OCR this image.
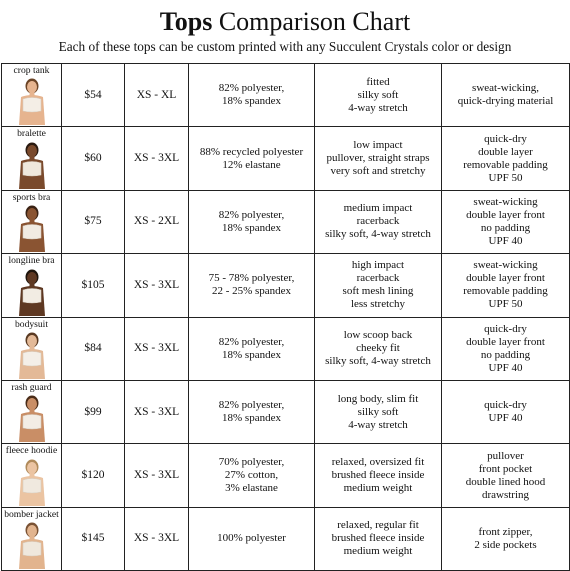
Tops Comparison Chart
Each of these tops can be custom printed with any Succulent Crystals color or design
crop tank	$54	XS - XL	82% polyester,
18% spandex	fitted
silky soft
4-way stretch	sweat-wicking,
quick-drying material

bralette	$60	XS - 3XL	88% recycled polyester
12% elastane	low impact
pullover, straight straps
very soft and stretchy	quick-dry
double layer
removable padding
UPF 50

sports bra	$75	XS - 2XL	82% polyester,
18% spandex	medium impact
racerback
silky soft, 4-way stretch	sweat-wicking
double layer front
no padding
UPF 40

longline bra	$105	XS - 3XL	75 - 78% polyester,
22 - 25% spandex	high impact
racerback
soft mesh lining
less stretchy	sweat-wicking
double layer front
removable padding
UPF 50

bodysuit	$84	XS - 3XL	82% polyester,
18% spandex	low scoop back
cheeky fit
silky soft, 4-way stretch	quick-dry
double layer front
no padding
UPF 40

rash guard	$99	XS - 3XL	82% polyester,
18% spandex	long body, slim fit
silky soft
4-way stretch	quick-dry
UPF 40

fleece hoodie	$120	XS - 3XL	70% polyester,
27% cotton,
3% elastane	relaxed, oversized fit
brushed fleece inside
medium weight	pullover
front pocket
double lined hood
drawstring

bomber jacket	$145	XS - 3XL	100% polyester	relaxed, regular fit
brushed fleece inside
medium weight	front zipper,
2 side pockets
